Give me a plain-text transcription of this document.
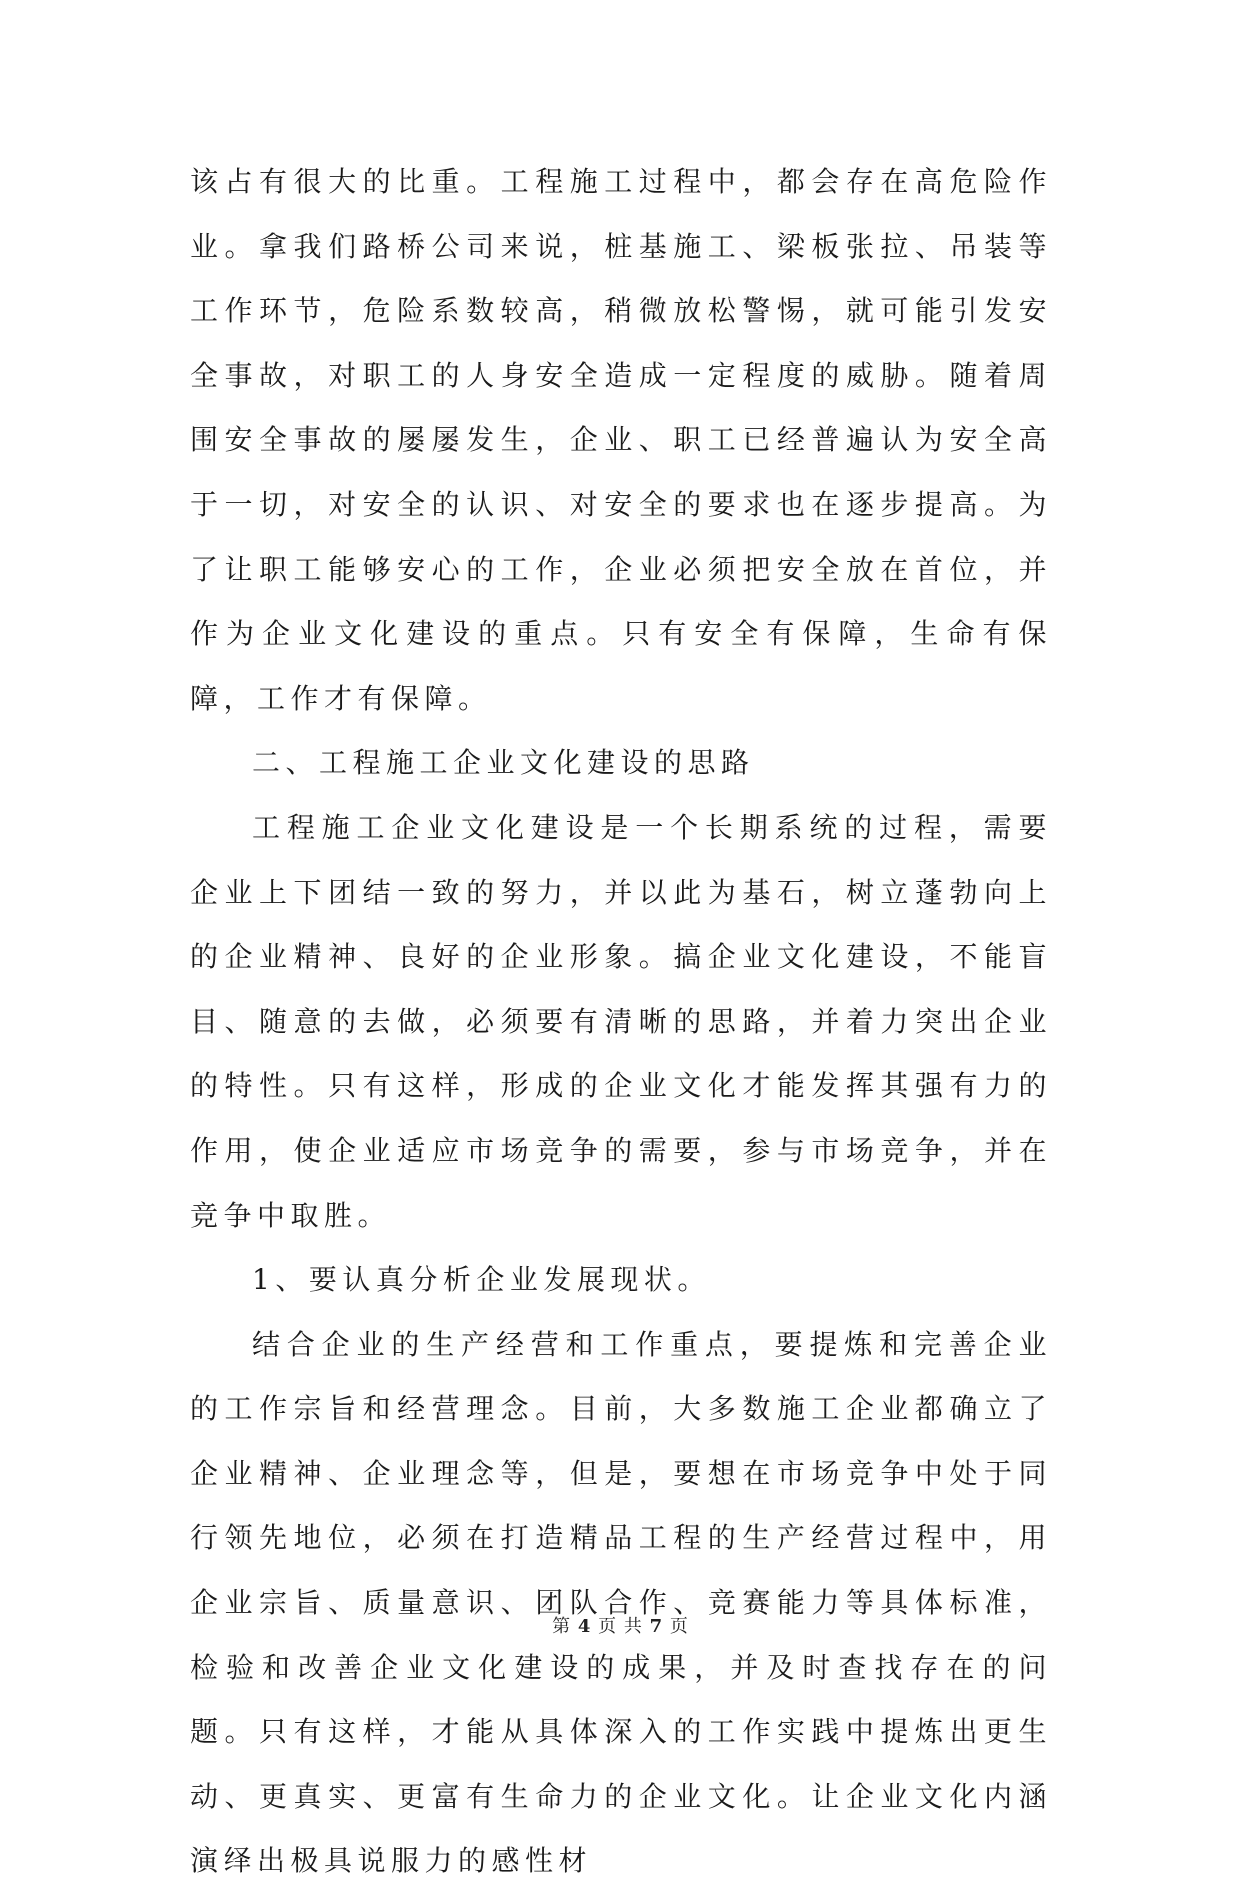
该占有很大的比重。工程施工过程中，都会存在高危险作业。拿我们路桥公司来说，桩基施工、梁板张拉、吊装等工作环节，危险系数较高，稍微放松警惕，就可能引发安全事故，对职工的人身安全造成一定程度的威胁。随着周围安全事故的屡屡发生，企业、职工已经普遍认为安全高于一切，对安全的认识、对安全的要求也在逐步提高。为了让职工能够安心的工作，企业必须把安全放在首位，并作为企业文化建设的重点。只有安全有保障，生命有保障，工作才有保障。

二、工程施工企业文化建设的思路

工程施工企业文化建设是一个长期系统的过程，需要企业上下团结一致的努力，并以此为基石，树立蓬勃向上的企业精神、良好的企业形象。搞企业文化建设，不能盲目、随意的去做，必须要有清晰的思路，并着力突出企业的特性。只有这样，形成的企业文化才能发挥其强有力的作用，使企业适应市场竞争的需要，参与市场竞争，并在竞争中取胜。

1、要认真分析企业发展现状。

结合企业的生产经营和工作重点，要提炼和完善企业的工作宗旨和经营理念。目前，大多数施工企业都确立了企业精神、企业理念等，但是，要想在市场竞争中处于同行领先地位，必须在打造精品工程的生产经营过程中，用企业宗旨、质量意识、团队合作、竞赛能力等具体标准，检验和改善企业文化建设的成果，并及时查找存在的问题。只有这样，才能从具体深入的工作实践中提炼出更生动、更真实、更富有生命力的企业文化。让企业文化内涵演绎出极具说服力的感性材

第 4 页 共 7 页
